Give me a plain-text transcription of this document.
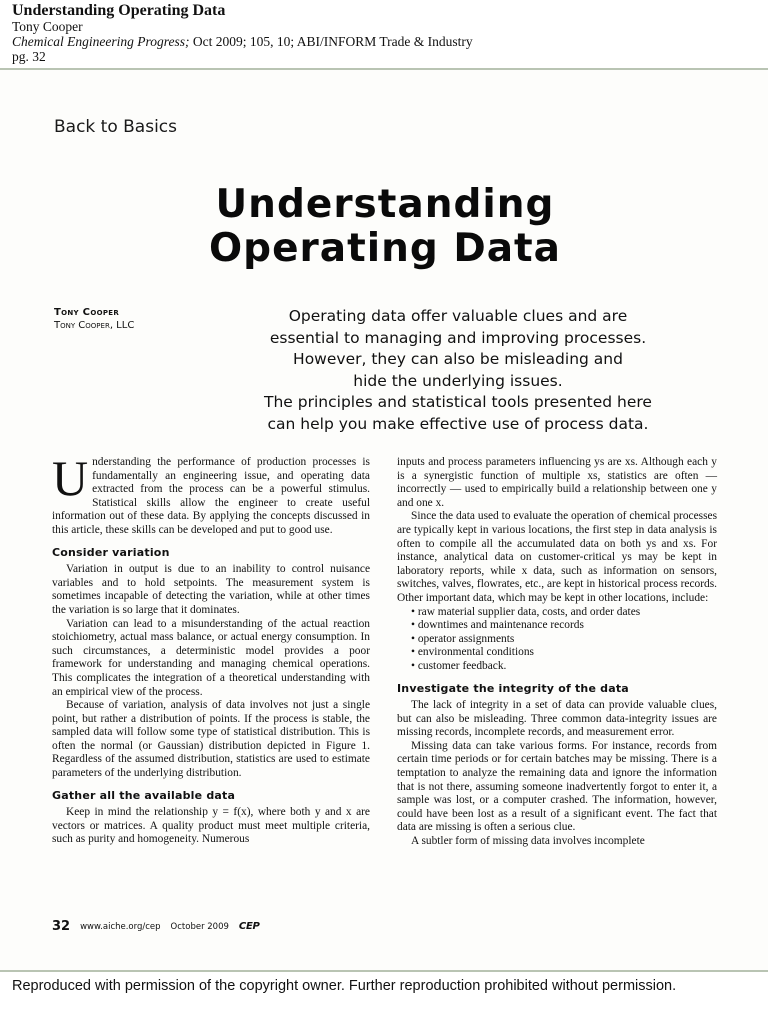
Understanding Operating Data
Tony Cooper
Chemical Engineering Progress; Oct 2009; 105, 10; ABI/INFORM Trade & Industry
pg. 32
Back to Basics
Understanding
Operating Data
Tony Cooper
Tony Cooper, LLC
Operating data offer valuable clues and are
essential to managing and improving processes.
However, they can also be misleading and
hide the underlying issues.
The principles and statistical tools presented here
can help you make effective use of process data.

Understanding the performance of production processes is fundamentally an engineering issue, and operating data extracted from the process can be a powerful stimulus. Statistical skills allow the engineer to create useful information out of these data. By applying the concepts discussed in this article, these skills can be developed and put to good use.

Consider variation

Variation in output is due to an inability to control nuisance variables and to hold setpoints. The measurement system is sometimes incapable of detecting the variation, while at other times the variation is so large that it dominates.

Variation can lead to a misunderstanding of the actual reaction stoichiometry, actual mass balance, or actual energy consumption. In such circumstances, a deterministic model provides a poor framework for understanding and managing chemical operations. This complicates the integration of a theoretical understanding with an empirical view of the process.

Because of variation, analysis of data involves not just a single point, but rather a distribution of points. If the process is stable, the sampled data will follow some type of statistical distribution. This is often the normal (or Gaussian) distribution depicted in Figure 1. Regardless of the assumed distribution, statistics are used to estimate parameters of the underlying distribution.

Gather all the available data

Keep in mind the relationship y = f(x), where both y and x are vectors or matrices. A quality product must meet multiple criteria, such as purity and homogeneity. Numerous

inputs and process parameters influencing ys are xs. Although each y is a synergistic function of multiple xs, statistics are often — incorrectly — used to empirically build a relationship between one y and one x.

Since the data used to evaluate the operation of chemical processes are typically kept in various locations, the first step in data analysis is often to compile all the accumulated data on both ys and xs. For instance, analytical data on customer-critical ys may be kept in laboratory reports, while x data, such as information on sensors, switches, valves, flowrates, etc., are kept in historical process records. Other important data, which may be kept in other locations, include:

• raw material supplier data, costs, and order dates
• downtimes and maintenance records
• operator assignments
• environmental conditions
• customer feedback.
Investigate the integrity of the data

The lack of integrity in a set of data can provide valuable clues, but can also be misleading. Three common data-integrity issues are missing records, incomplete records, and measurement error.

Missing data can take various forms. For instance, records from certain time periods or for certain batches may be missing. There is a temptation to analyze the remaining data and ignore the information that is not there, assuming someone inadvertently forgot to enter it, a sample was lost, or a computer crashed. The information, however, could have been lost as a result of a significant event. The fact that data are missing is often a serious clue.

A subtler form of missing data involves incomplete

32 www.aiche.org/cep October 2009 CEP
Reproduced with permission of the copyright owner. Further reproduction prohibited without permission.
